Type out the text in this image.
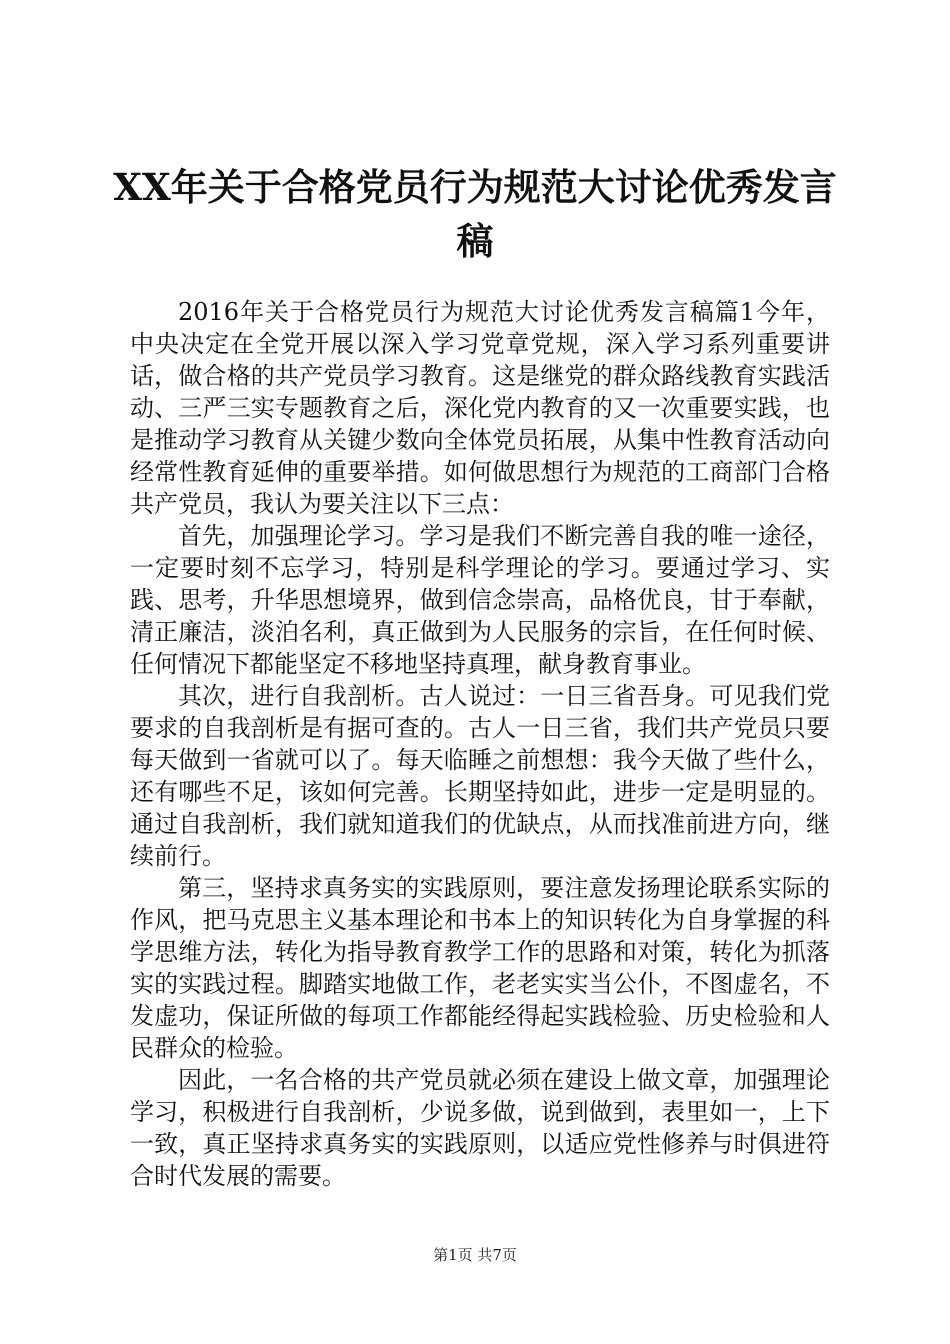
XX年关于合格党员行为规范大讨论优秀发言稿

2016年关于合格党员行为规范大讨论优秀发言稿篇1今年，中央决定在全党开展以深入学习党章党规，深入学习系列重要讲话，做合格的共产党员学习教育。这是继党的群众路线教育实践活动、三严三实专题教育之后，深化党内教育的又一次重要实践，也是推动学习教育从关键少数向全体党员拓展，从集中性教育活动向经常性教育延伸的重要举措。如何做思想行为规范的工商部门合格共产党员，我认为要关注以下三点：

首先，加强理论学习。学习是我们不断完善自我的唯一途径，一定要时刻不忘学习，特别是科学理论的学习。要通过学习、实践、思考，升华思想境界，做到信念崇高，品格优良，甘于奉献，清正廉洁，淡泊名利，真正做到为人民服务的宗旨，在任何时候、任何情况下都能坚定不移地坚持真理，献身教育事业。

其次，进行自我剖析。古人说过：一日三省吾身。可见我们党要求的自我剖析是有据可查的。古人一日三省，我们共产党员只要每天做到一省就可以了。每天临睡之前想想：我今天做了些什么，还有哪些不足，该如何完善。长期坚持如此，进步一定是明显的。通过自我剖析，我们就知道我们的优缺点，从而找准前进方向，继续前行。

第三，坚持求真务实的实践原则，要注意发扬理论联系实际的作风，把马克思主义基本理论和书本上的知识转化为自身掌握的科学思维方法，转化为指导教育教学工作的思路和对策，转化为抓落实的实践过程。脚踏实地做工作，老老实实当公仆，不图虚名，不发虚功，保证所做的每项工作都能经得起实践检验、历史检验和人民群众的检验。

因此，一名合格的共产党员就必须在建设上做文章，加强理论学习，积极进行自我剖析，少说多做，说到做到，表里如一，上下一致，真正坚持求真务实的实践原则，以适应党性修养与时俱进符合时代发展的需要。

第1页 共7页
